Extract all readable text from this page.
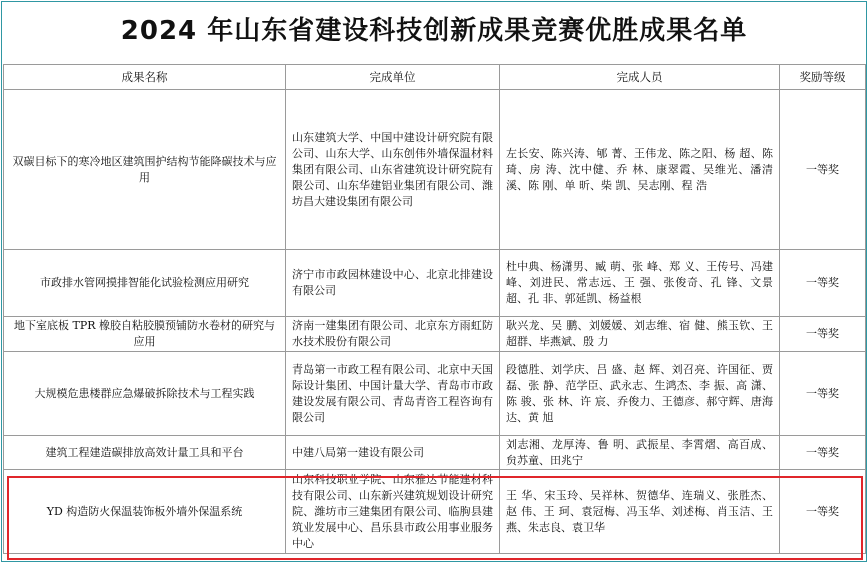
2024 年山东省建设科技创新成果竞赛优胜成果名单
成果名称	完成单位	完成人员	奖励等级
双碳目标下的寒冷地区建筑围护结构节能降碳技术与应用	山东建筑大学、中国中建设计研究院有限公司、山东大学、山东创伟外墙保温材料集团有限公司、山东省建筑设计研究院有限公司、山东华建铝业集团有限公司、潍坊昌大建设集团有限公司	左长安、陈兴涛、郇 菁、王伟龙、陈之阳、杨 超、陈 琦、房 涛、沈中健、乔 林、康翠霞、吴维光、潘清溪、陈 刚、单 昕、柴 凯、吴志刚、程 浩	一等奖
市政排水管网摸排智能化试验检测应用研究	济宁市市政园林建设中心、北京北排建设有限公司	杜中典、杨潇男、臧 萌、张 峰、郑 义、王传号、冯建峰、刘进民、常志远、王 强、张俊奇、孔 锋、文景超、孔 非、郭延凯、杨益根	一等奖
地下室底板 TPR 橡胶自粘胶膜预铺防水卷材的研究与应用	济南一建集团有限公司、北京东方雨虹防水技术股份有限公司	耿兴龙、吴 鹏、刘媛媛、刘志维、宿 健、熊玉钦、王超群、毕燕斌、殷 力	一等奖
大规模危患楼群应急爆破拆除技术与工程实践	青岛第一市政工程有限公司、北京中天国际设计集团、中国计量大学、青岛市市政建设发展有限公司、青岛青咨工程咨询有限公司	段德胜、刘学庆、吕 盛、赵 辉、刘召亮、许国征、贾 磊、张 静、范学臣、武永志、生鸿杰、李 振、高 潇、陈 骏、张 林、许 宸、乔俊力、王德彦、郝守辉、唐海达、黄 旭	一等奖
建筑工程建造碳排放高效计量工具和平台	中建八局第一建设有限公司	刘志湘、龙厚涛、鲁 明、武振星、李霄熠、高百成、贠苏童、田兆宁	一等奖
YD 构造防火保温装饰板外墙外保温系统	山东科技职业学院、山东雅达节能建材科技有限公司、山东新兴建筑规划设计研究院、潍坊市三建集团有限公司、临朐县建筑业发展中心、昌乐县市政公用事业服务中心	王 华、宋玉玲、吴祥林、贺德华、连瑞义、张胜杰、赵 伟、王 珂、袁冠梅、冯玉华、刘述梅、肖玉洁、王 燕、朱志良、袁卫华	一等奖
